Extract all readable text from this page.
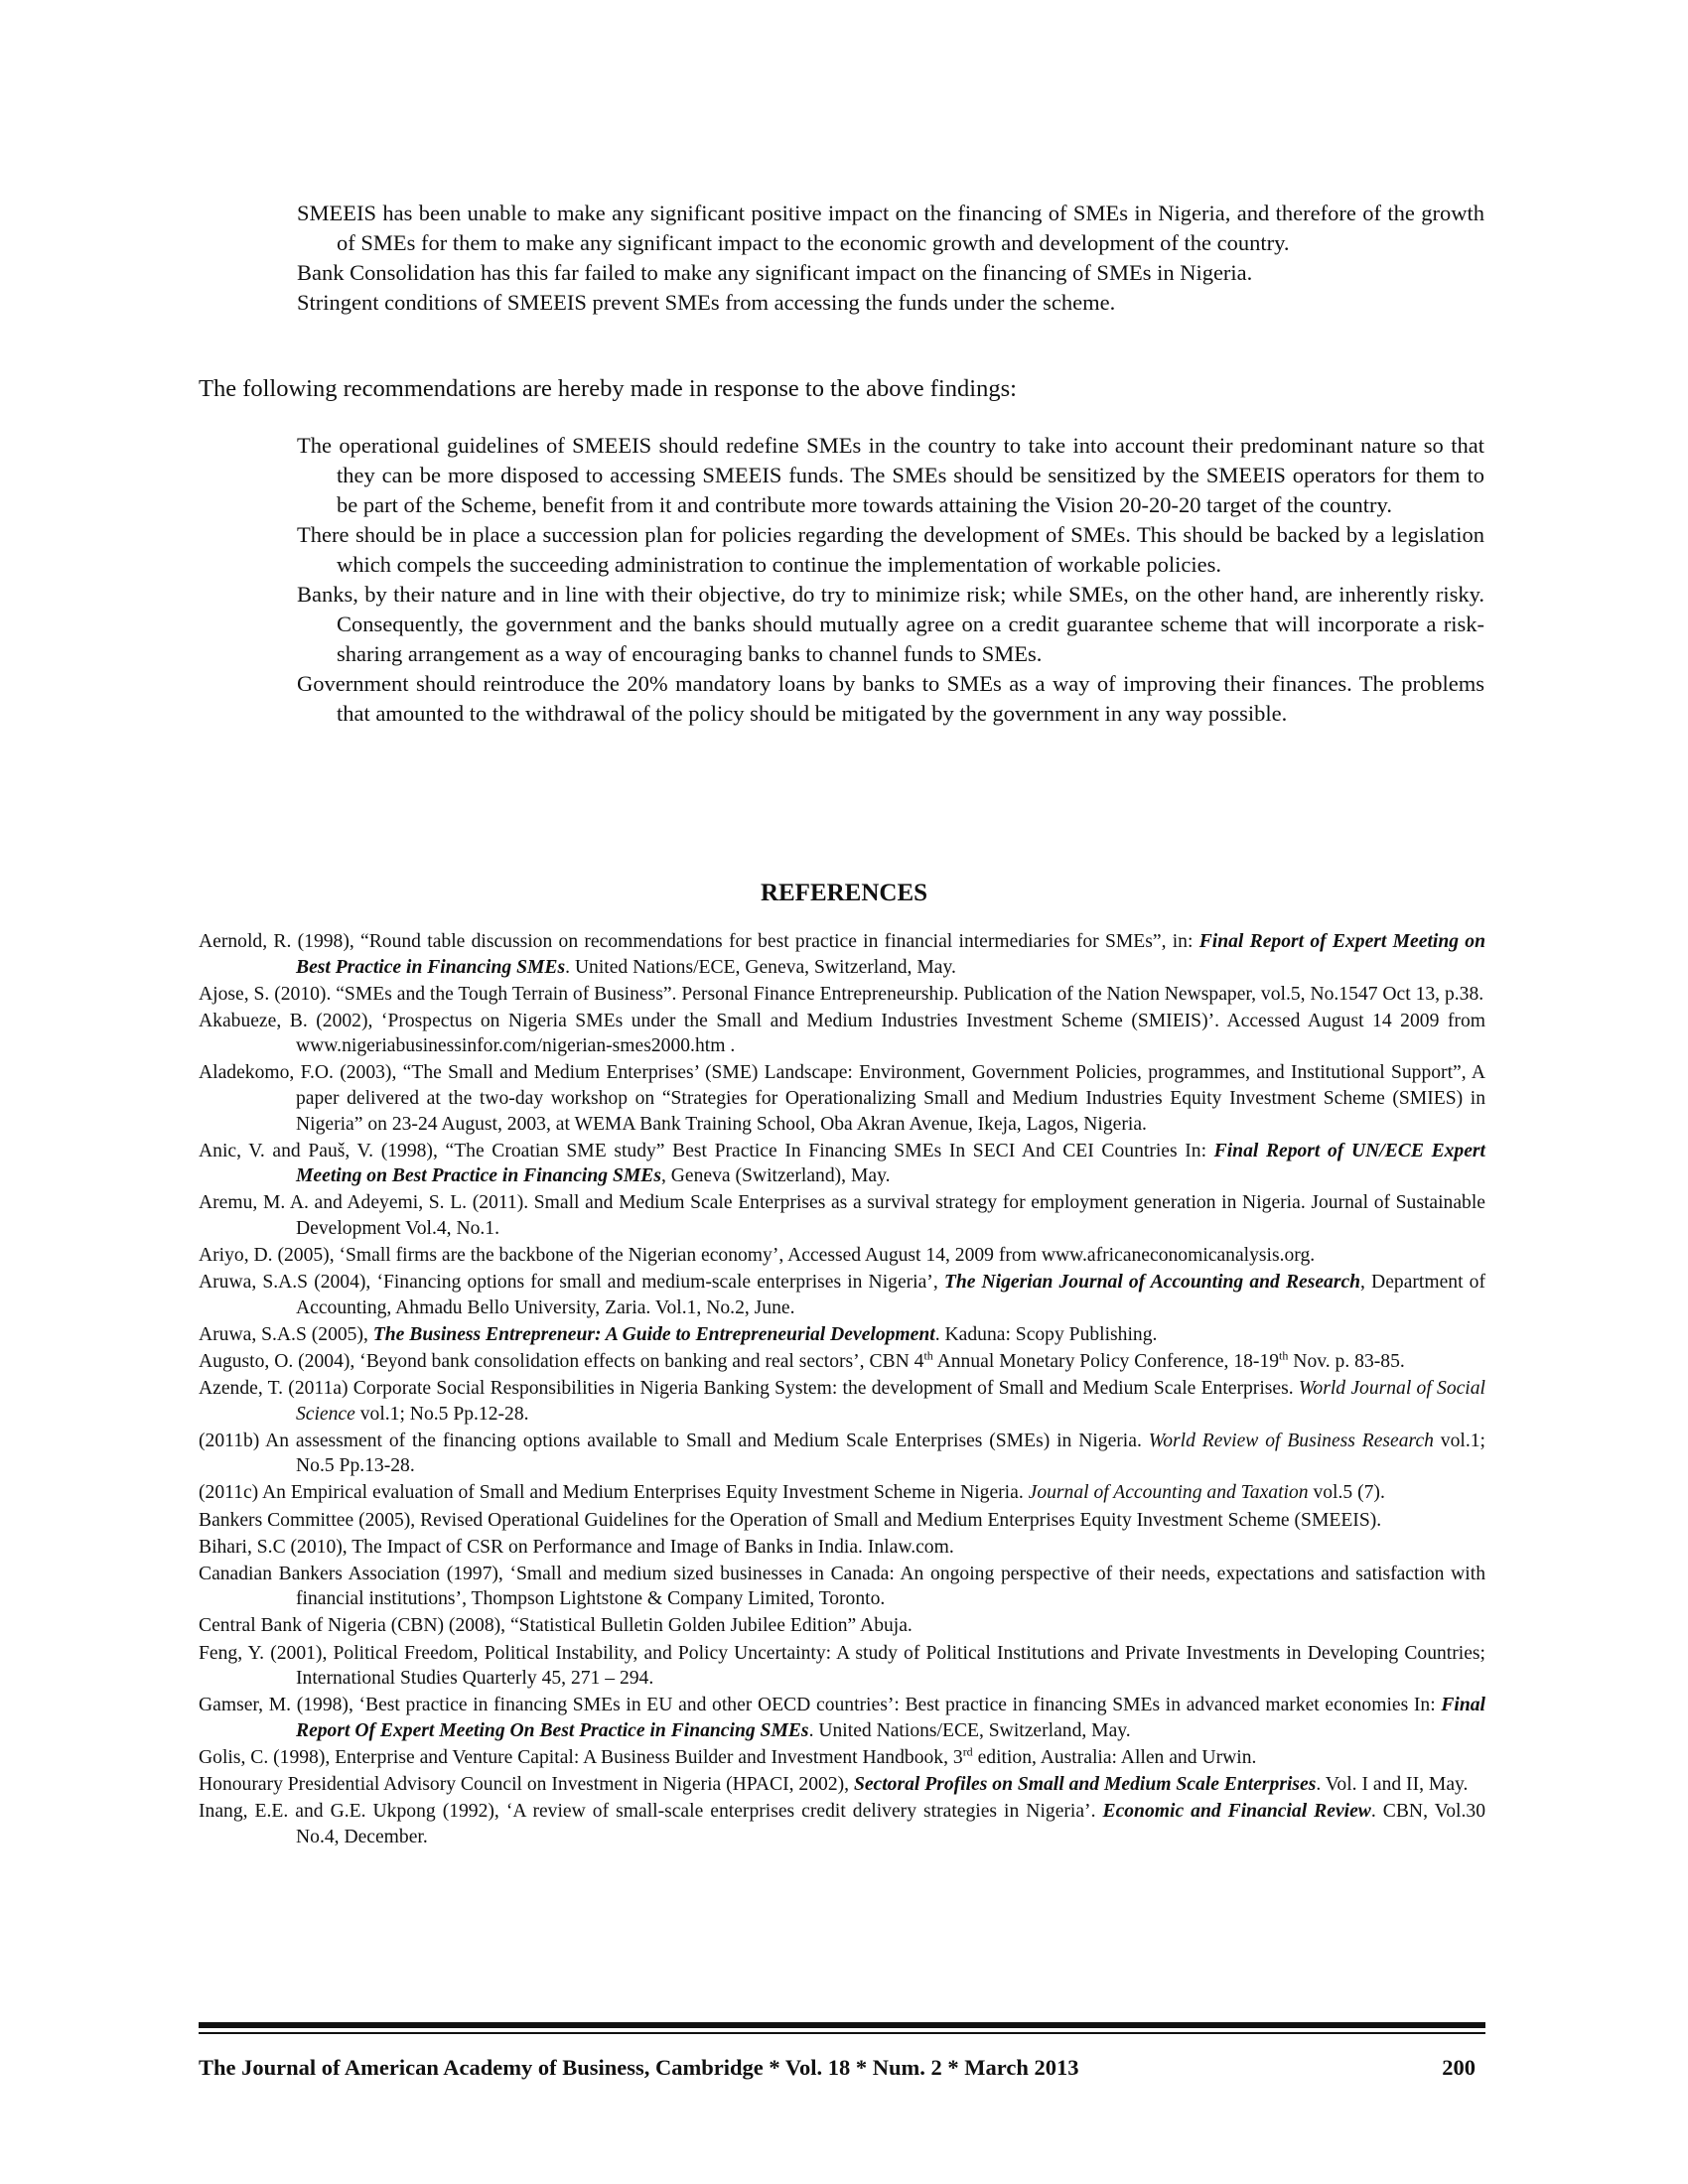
SMEEIS has been unable to make any significant positive impact on the financing of SMEs in Nigeria, and therefore of the growth of SMEs for them to make any significant impact to the economic growth and development of the country.

Bank Consolidation has this far failed to make any significant impact on the financing of SMEs in Nigeria.

Stringent conditions of SMEEIS prevent SMEs from accessing the funds under the scheme.

The following recommendations are hereby made in response to the above findings:

The operational guidelines of SMEEIS should redefine SMEs in the country to take into account their predominant nature so that they can be more disposed to accessing SMEEIS funds. The SMEs should be sensitized by the SMEEIS operators for them to be part of the Scheme, benefit from it and contribute more towards attaining the Vision 20-20-20 target of the country.

There should be in place a succession plan for policies regarding the development of SMEs. This should be backed by a legislation which compels the succeeding administration to continue the implementation of workable policies.

Banks, by their nature and in line with their objective, do try to minimize risk; while SMEs, on the other hand, are inherently risky. Consequently, the government and the banks should mutually agree on a credit guarantee scheme that will incorporate a risk-sharing arrangement as a way of encouraging banks to channel funds to SMEs.

Government should reintroduce the 20% mandatory loans by banks to SMEs as a way of improving their finances. The problems that amounted to the withdrawal of the policy should be mitigated by the government in any way possible.

REFERENCES

Aernold, R. (1998), “Round table discussion on recommendations for best practice in financial intermediaries for SMEs”, in: Final Report of Expert Meeting on Best Practice in Financing SMEs. United Nations/ECE, Geneva, Switzerland, May.

Ajose, S. (2010). “SMEs and the Tough Terrain of Business”. Personal Finance Entrepreneurship. Publication of the Nation Newspaper, vol.5, No.1547 Oct 13, p.38.

Akabueze, B. (2002), ‘Prospectus on Nigeria SMEs under the Small and Medium Industries Investment Scheme (SMIEIS)’. Accessed August 14 2009 from www.nigeriabusinessinfor.com/nigerian-smes2000.htm .

Aladekomo, F.O. (2003), “The Small and Medium Enterprises’ (SME) Landscape: Environment, Government Policies, programmes, and Institutional Support”, A paper delivered at the two-day workshop on “Strategies for Operationalizing Small and Medium Industries Equity Investment Scheme (SMIES) in Nigeria” on 23-24 August, 2003, at WEMA Bank Training School, Oba Akran Avenue, Ikeja, Lagos, Nigeria.

Anic, V. and Pauš, V. (1998), “The Croatian SME study” Best Practice In Financing SMEs In SECI And CEI Countries In: Final Report of UN/ECE Expert Meeting on Best Practice in Financing SMEs, Geneva (Switzerland), May.

Aremu, M. A. and Adeyemi, S. L. (2011). Small and Medium Scale Enterprises as a survival strategy for employment generation in Nigeria. Journal of Sustainable Development Vol.4, No.1.

Ariyo, D. (2005), ‘Small firms are the backbone of the Nigerian economy’, Accessed August 14, 2009 from www.africaneconomicanalysis.org.

Aruwa, S.A.S (2004), ‘Financing options for small and medium-scale enterprises in Nigeria’, The Nigerian Journal of Accounting and Research, Department of Accounting, Ahmadu Bello University, Zaria. Vol.1, No.2, June.

Aruwa, S.A.S (2005), The Business Entrepreneur: A Guide to Entrepreneurial Development. Kaduna: Scopy Publishing.

Augusto, O. (2004), ‘Beyond bank consolidation effects on banking and real sectors’, CBN 4th Annual Monetary Policy Conference, 18-19th Nov. p. 83-85.

Azende, T. (2011a) Corporate Social Responsibilities in Nigeria Banking System: the development of Small and Medium Scale Enterprises. World Journal of Social Science vol.1; No.5 Pp.12-28.

(2011b) An assessment of the financing options available to Small and Medium Scale Enterprises (SMEs) in Nigeria. World Review of Business Research vol.1; No.5 Pp.13-28.

(2011c) An Empirical evaluation of Small and Medium Enterprises Equity Investment Scheme in Nigeria. Journal of Accounting and Taxation vol.5 (7).

Bankers Committee (2005), Revised Operational Guidelines for the Operation of Small and Medium Enterprises Equity Investment Scheme (SMEEIS).

Bihari, S.C (2010), The Impact of CSR on Performance and Image of Banks in India. Inlaw.com.

Canadian Bankers Association (1997), ‘Small and medium sized businesses in Canada: An ongoing perspective of their needs, expectations and satisfaction with financial institutions’, Thompson Lightstone & Company Limited, Toronto.

Central Bank of Nigeria (CBN) (2008), “Statistical Bulletin Golden Jubilee Edition” Abuja.

Feng, Y. (2001), Political Freedom, Political Instability, and Policy Uncertainty: A study of Political Institutions and Private Investments in Developing Countries; International Studies Quarterly 45, 271 – 294.

Gamser, M. (1998), ‘Best practice in financing SMEs in EU and other OECD countries’: Best practice in financing SMEs in advanced market economies In: Final Report Of Expert Meeting On Best Practice in Financing SMEs. United Nations/ECE, Switzerland, May.

Golis, C. (1998), Enterprise and Venture Capital: A Business Builder and Investment Handbook, 3rd edition, Australia: Allen and Urwin.

Honourary Presidential Advisory Council on Investment in Nigeria (HPACI, 2002), Sectoral Profiles on Small and Medium Scale Enterprises. Vol. I and II, May.

Inang, E.E. and G.E. Ukpong (1992), ‘A review of small-scale enterprises credit delivery strategies in Nigeria’. Economic and Financial Review. CBN, Vol.30 No.4, December.

The Journal of American Academy of Business, Cambridge * Vol. 18 * Num. 2 * March 2013	200
